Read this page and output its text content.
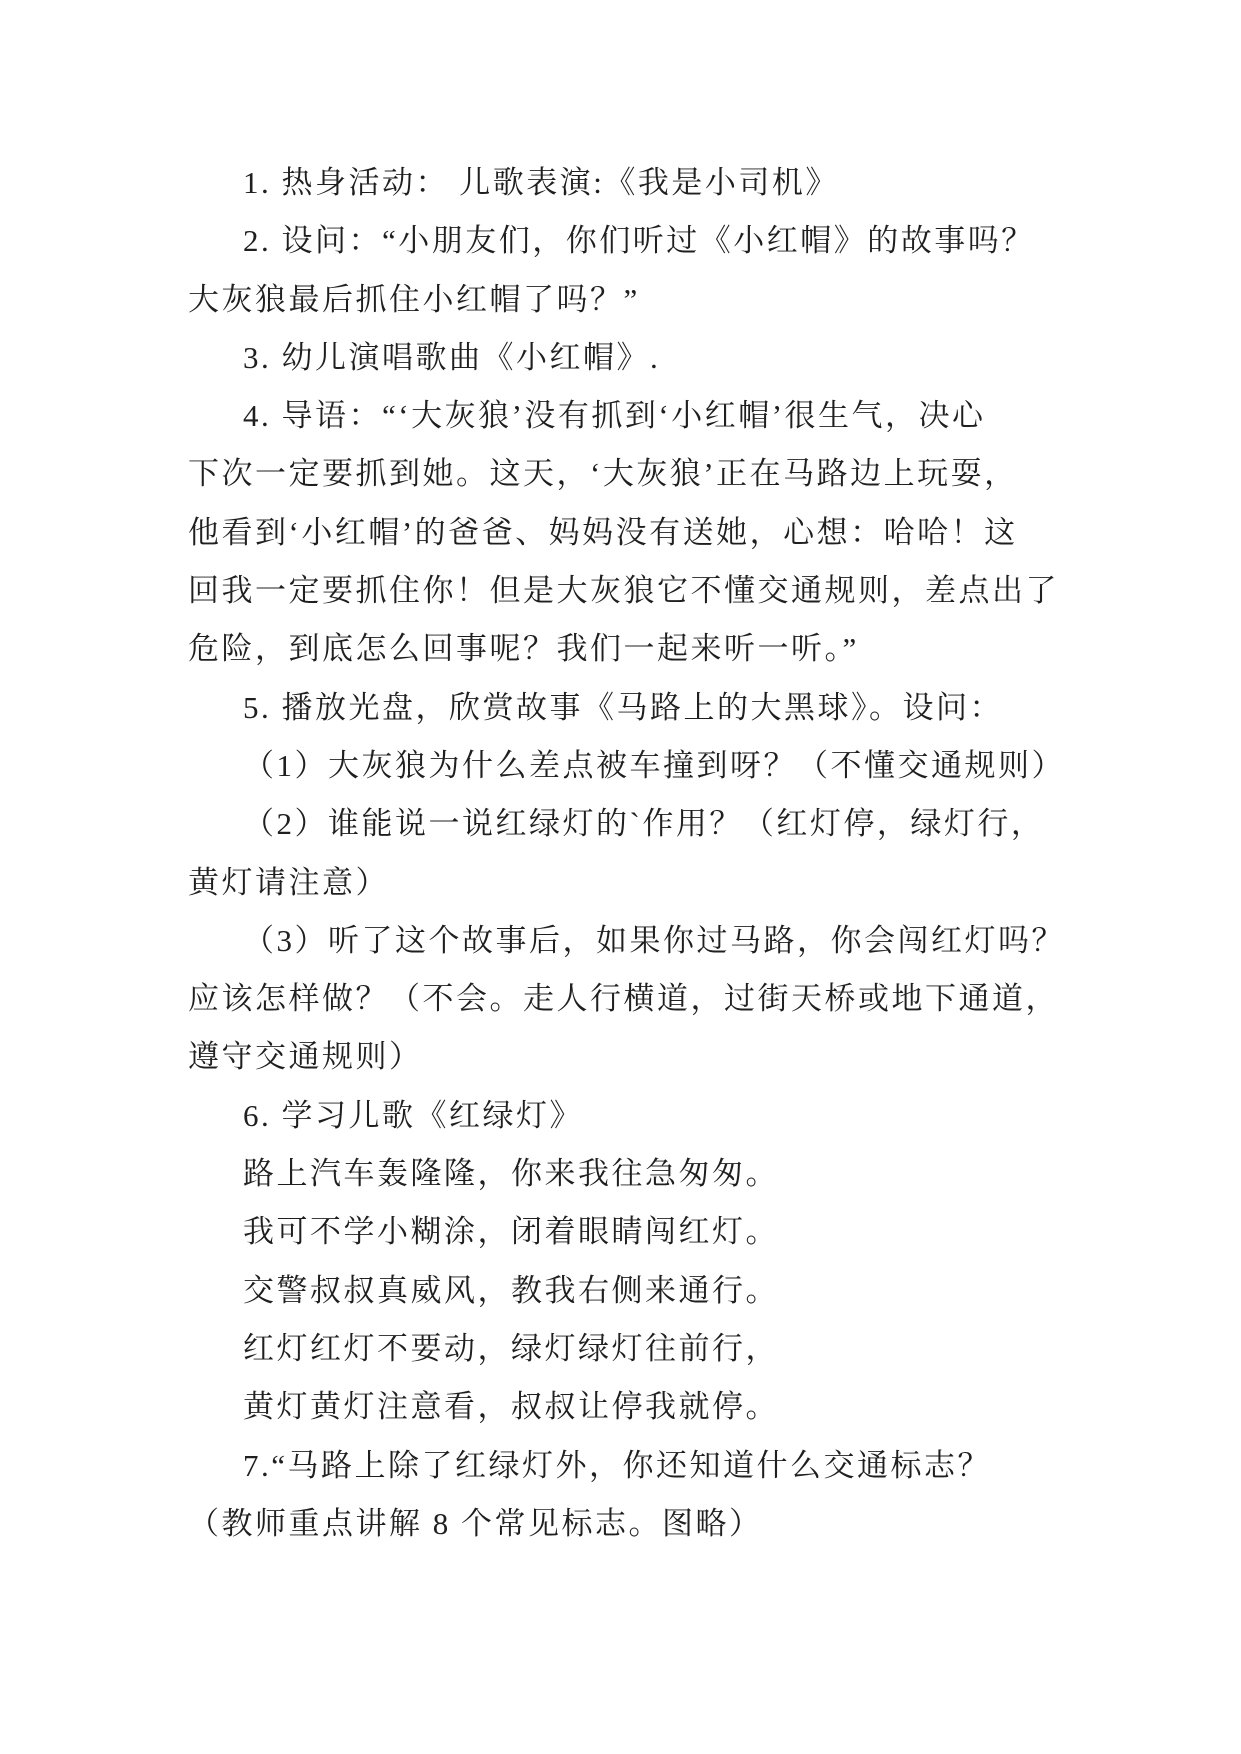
1. 热身活动： 儿歌表演:《我是小司机》
2. 设问：“小朋友们，你们听过《小红帽》的故事吗？
大灰狼最后抓住小红帽了吗？”
3. 幼儿演唱歌曲《小红帽》.
4. 导语：“‘大灰狼’没有抓到‘小红帽’很生气，决心
下次一定要抓到她。这天，‘大灰狼’正在马路边上玩耍，
他看到‘小红帽’的爸爸、妈妈没有送她，心想：哈哈！这
回我一定要抓住你！但是大灰狼它不懂交通规则，差点出了
危险，到底怎么回事呢？我们一起来听一听。”
5. 播放光盘，欣赏故事《马路上的大黑球》。设问：
（1）大灰狼为什么差点被车撞到呀？（不懂交通规则）
（2）谁能说一说红绿灯的`作用？（红灯停，绿灯行，
黄灯请注意）
（3）听了这个故事后，如果你过马路，你会闯红灯吗？
应该怎样做？（不会。走人行横道，过街天桥或地下通道，
遵守交通规则）
6. 学习儿歌《红绿灯》
路上汽车轰隆隆，你来我往急匆匆。
我可不学小糊涂，闭着眼睛闯红灯。
交警叔叔真威风，教我右侧来通行。
红灯红灯不要动，绿灯绿灯往前行，
黄灯黄灯注意看，叔叔让停我就停。
7.“马路上除了红绿灯外，你还知道什么交通标志？
（教师重点讲解 8 个常见标志。图略）
